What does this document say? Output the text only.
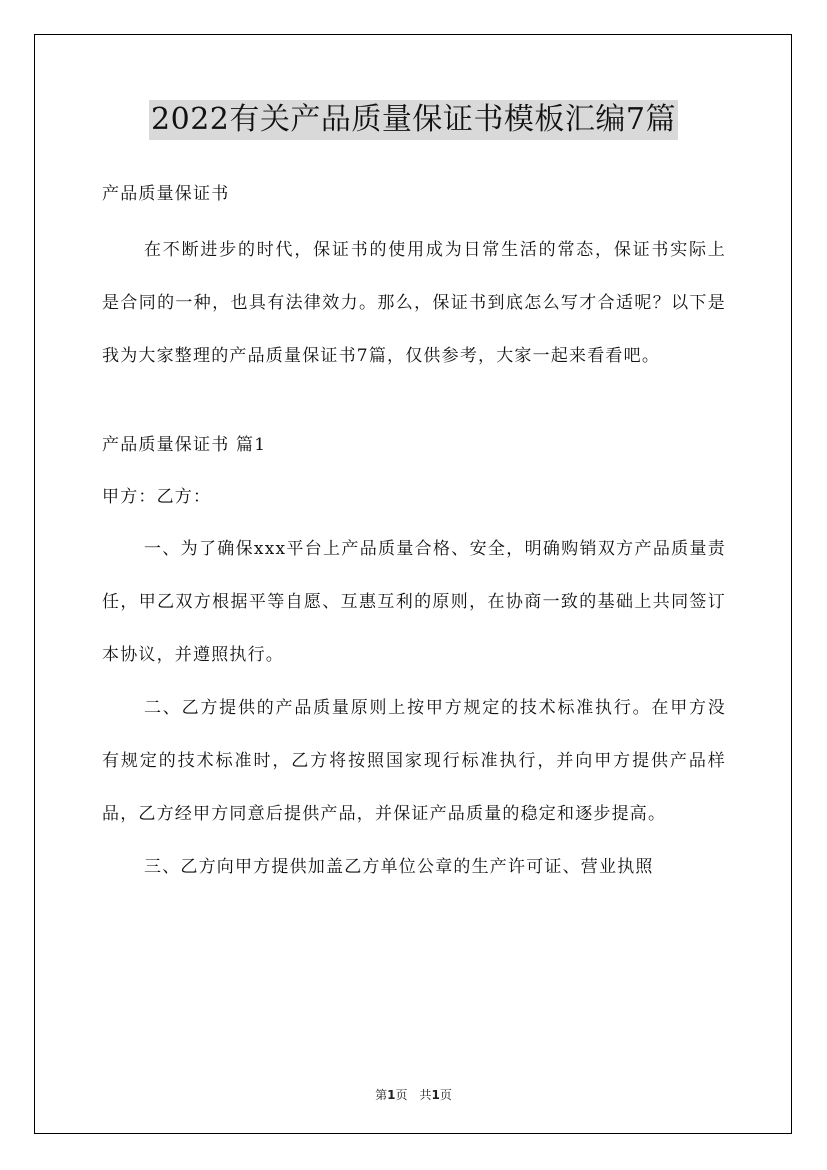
2022有关产品质量保证书模板汇编7篇
产品质量保证书

在不断进步的时代，保证书的使用成为日常生活的常态，保证书实际上是合同的一种，也具有法律效力。那么，保证书到底怎么写才合适呢？以下是我为大家整理的产品质量保证书7篇，仅供参考，大家一起来看看吧。

产品质量保证书 篇1
甲方：乙方：

一、为了确保xxx平台上产品质量合格、安全，明确购销双方产品质量责任，甲乙双方根据平等自愿、互惠互利的原则，在协商一致的基础上共同签订本协议，并遵照执行。

二、乙方提供的产品质量原则上按甲方规定的技术标准执行。在甲方没有规定的技术标准时，乙方将按照国家现行标准执行，并向甲方提供产品样品，乙方经甲方同意后提供产品，并保证产品质量的稳定和逐步提高。

三、乙方向甲方提供加盖乙方单位公章的生产许可证、营业执照

第1页　共1页
